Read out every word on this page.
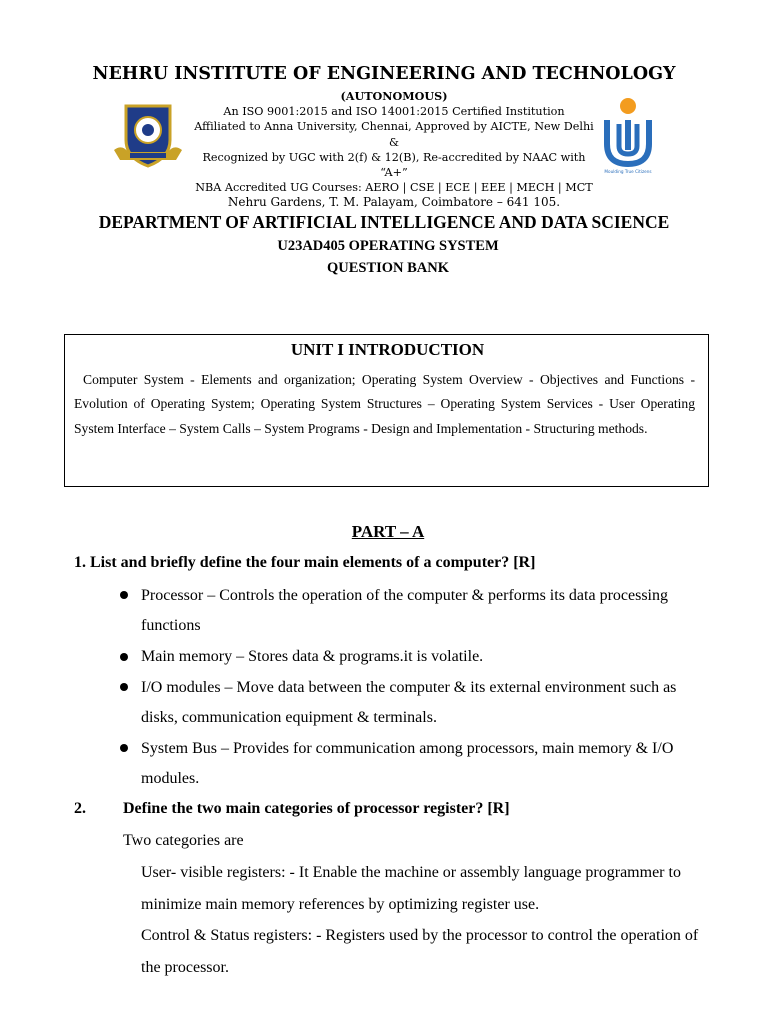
NEHRU INSTITUTE OF ENGINEERING AND TECHNOLOGY
Moulding True Citizens
(AUTONOMOUS)
An ISO 9001:2015 and ISO 14001:2015 Certified Institution
Affiliated to Anna University, Chennai, Approved by AICTE, New Delhi &
Recognized by UGC with 2(f) & 12(B), Re-accredited by NAAC with “A+”
NBA Accredited UG Courses: AERO | CSE | ECE | EEE | MECH | MCT
Nehru Gardens, T. M. Palayam, Coimbatore – 641 105.
DEPARTMENT OF ARTIFICIAL INTELLIGENCE AND DATA SCIENCE
U23AD405 OPERATING SYSTEM
QUESTION BANK
UNIT I INTRODUCTION
Computer System - Elements and organization; Operating System Overview - Objectives and Functions - Evolution of Operating System; Operating System Structures – Operating System Services - User Operating System Interface – System Calls – System Programs - Design and Implementation - Structuring methods.
PART – A
1. List and briefly define the four main elements of a computer? [R]
Processor – Controls the operation of the computer & performs its data processing functions
Main memory – Stores data & programs.it is volatile.
I/O modules – Move data between the computer & its external environment such as disks, communication equipment & terminals.
System Bus – Provides for communication among processors, main memory & I/O modules.
2. Define the two main categories of processor register? [R]
Two categories are
User- visible registers: - It Enable the machine or assembly language programmer to minimize main memory references by optimizing register use.
Control & Status registers: - Registers used by the processor to control the operation of the processor.
